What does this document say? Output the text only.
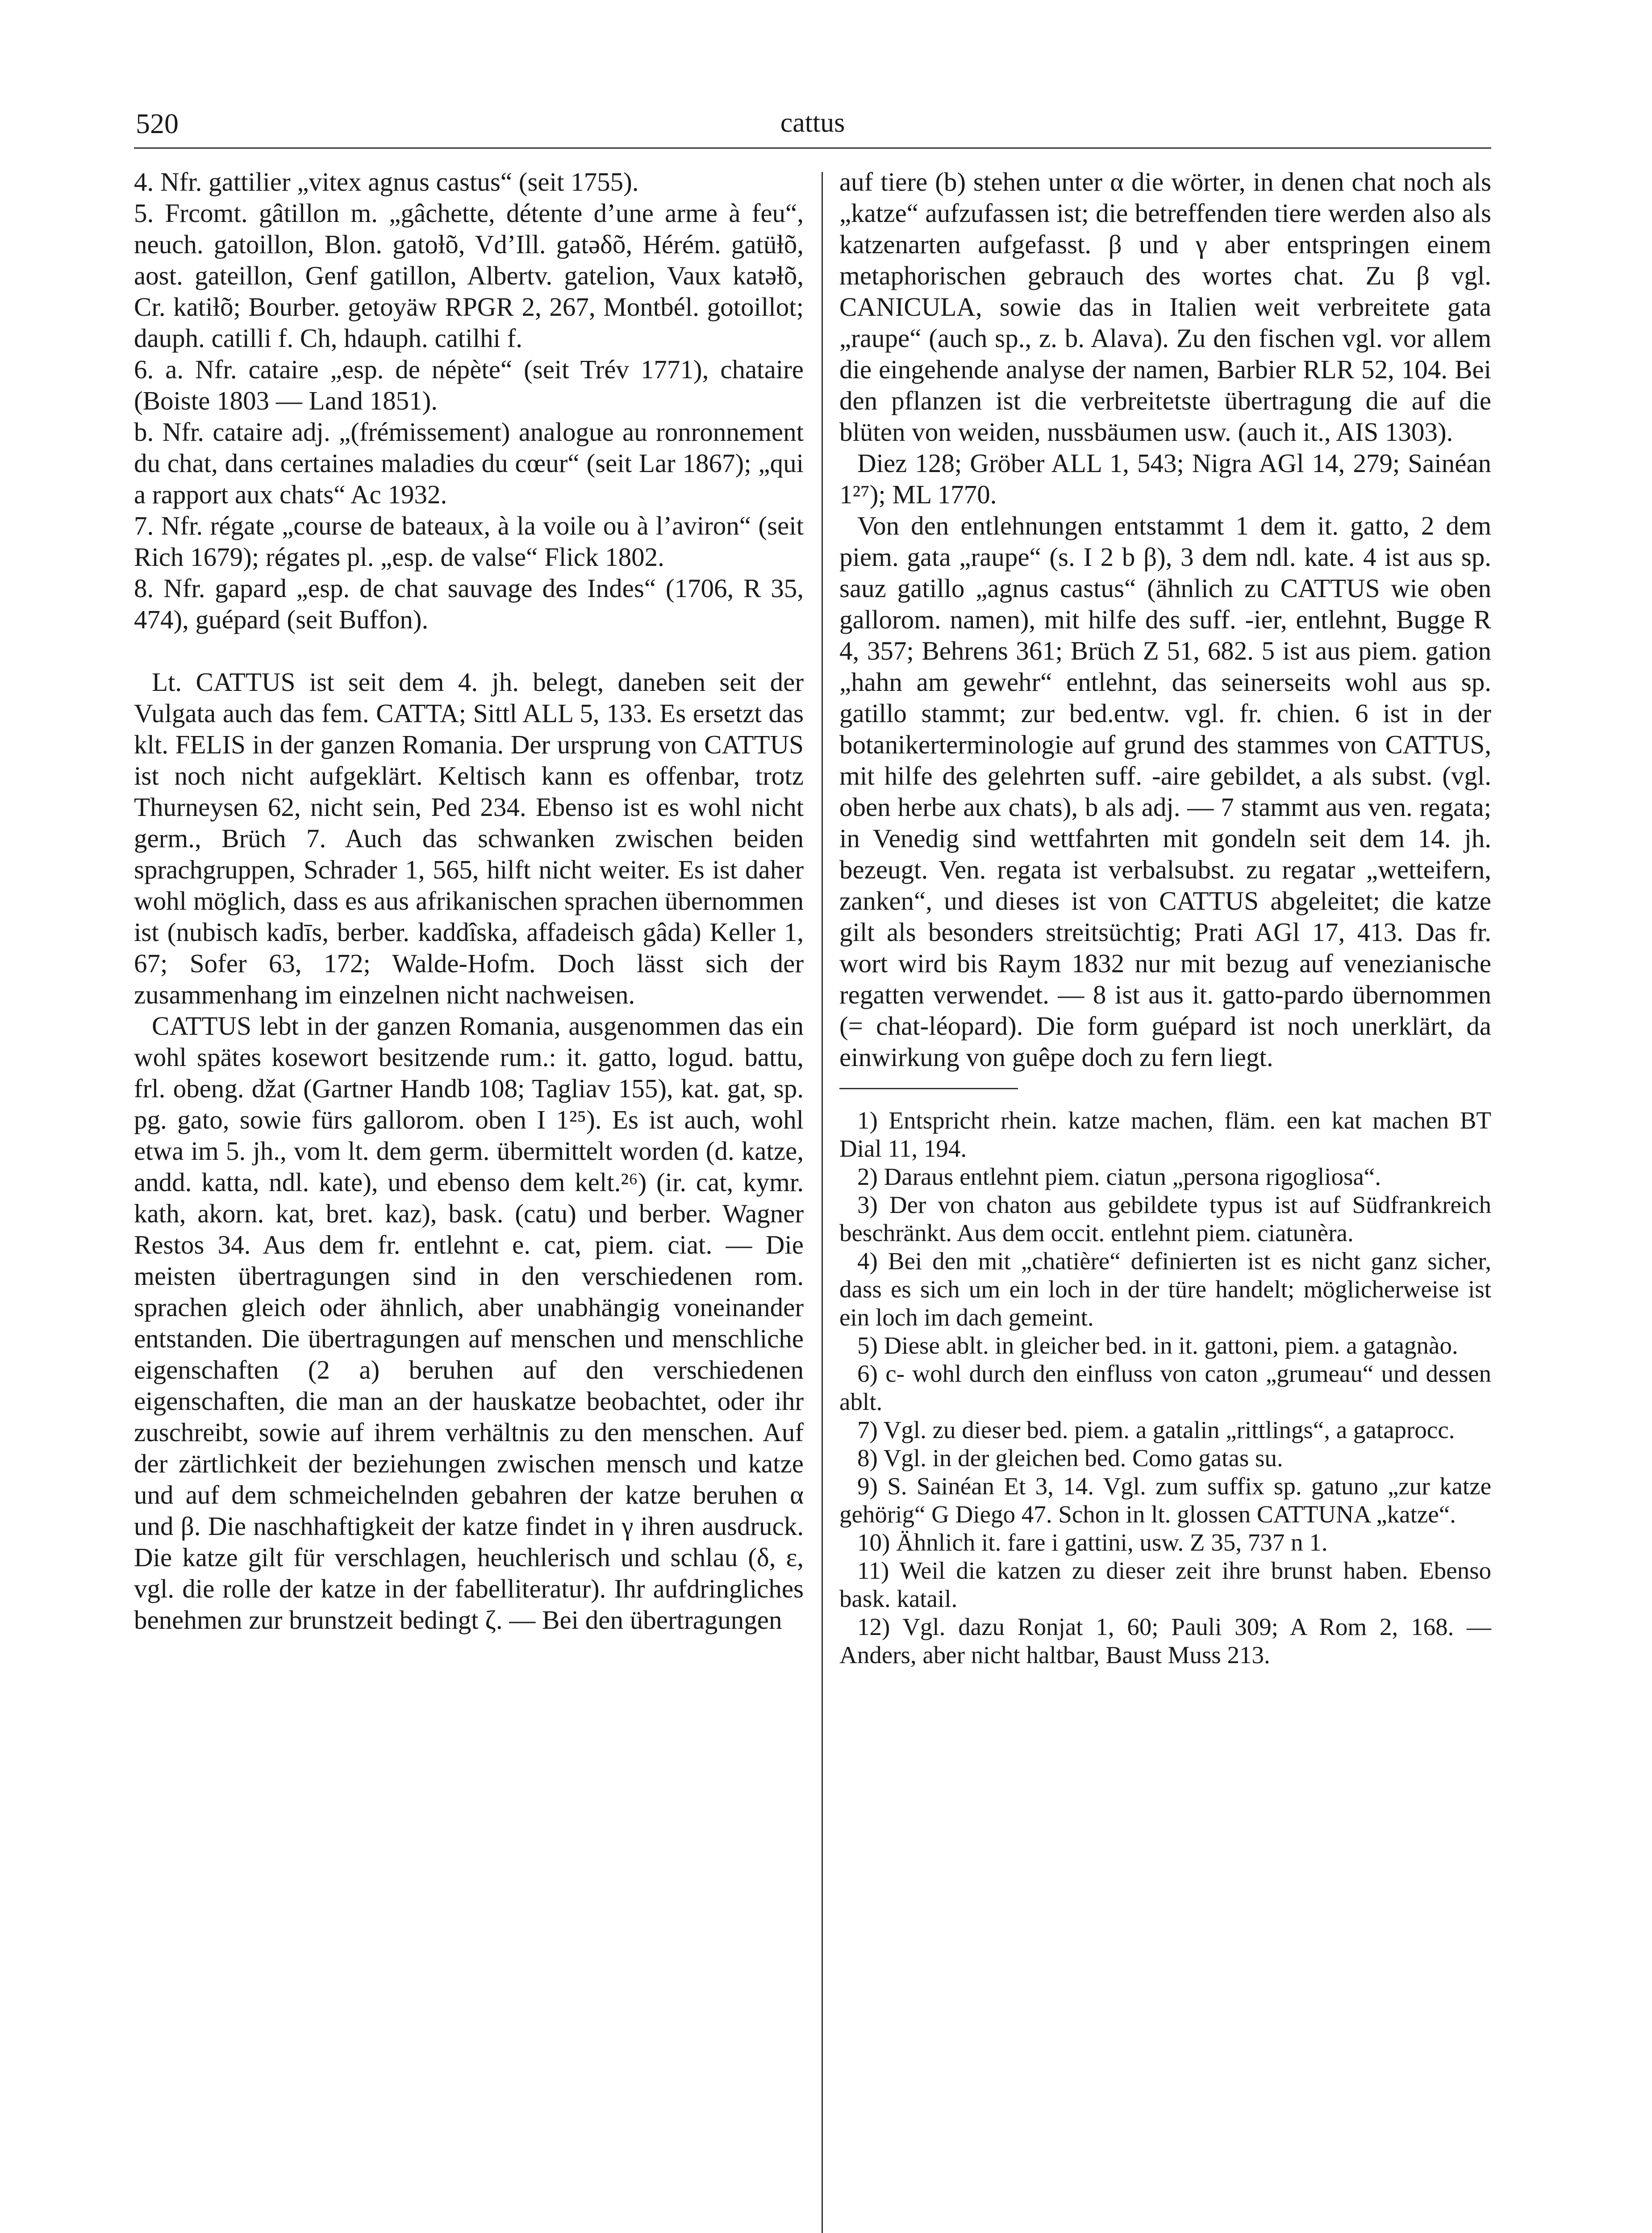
520	cattus

4. Nfr. gattilier „vitex agnus castus“ (seit 1755).

5. Frcomt. gâtillon m. „gâchette, détente d’une arme à feu“, neuch. gatoillon, Blon. gatoƚõ, Vd’Ill. gatəδõ, Hérém. gatüƚõ, aost. gateillon, Genf gatillon, Albertv. gatelion, Vaux katəƚõ, Cr. katiƚõ; Bourber. getoyäw RPGR 2, 267, Montbél. gotoillot; dauph. catilli f. Ch, hdauph. catilhi f.

6. a. Nfr. cataire „esp. de népète“ (seit Trév 1771), chataire (Boiste 1803 — Land 1851).

b. Nfr. cataire adj. „(frémissement) analogue au ronronnement du chat, dans certaines maladies du cœur“ (seit Lar 1867); „qui a rapport aux chats“ Ac 1932.

7. Nfr. régate „course de bateaux, à la voile ou à l’aviron“ (seit Rich 1679); régates pl. „esp. de valse“ Flick 1802.

8. Nfr. gapard „esp. de chat sauvage des Indes“ (1706, R 35, 474), guépard (seit Buffon).

Lt. CATTUS ist seit dem 4. jh. belegt, daneben seit der Vulgata auch das fem. CATTA; Sittl ALL 5, 133. Es ersetzt das klt. FELIS in der ganzen Romania. Der ursprung von CATTUS ist noch nicht aufgeklärt. Keltisch kann es offenbar, trotz Thurneysen 62, nicht sein, Ped 234. Ebenso ist es wohl nicht germ., Brüch 7. Auch das schwanken zwischen beiden sprachgruppen, Schrader 1, 565, hilft nicht weiter. Es ist daher wohl möglich, dass es aus afrikanischen sprachen übernommen ist (nubisch kadīs, berber. kaddîska, affadeisch gâda) Keller 1, 67; Sofer 63, 172; Walde-Hofm. Doch lässt sich der zusammenhang im einzelnen nicht nachweisen.

CATTUS lebt in der ganzen Romania, ausgenommen das ein wohl spätes kosewort besitzende rum.: it. gatto, logud. battu, frl. obeng. džat (Gartner Handb 108; Tagliav 155), kat. gat, sp. pg. gato, sowie fürs gallorom. oben I 1²⁵). Es ist auch, wohl etwa im 5. jh., vom lt. dem germ. übermittelt worden (d. katze, andd. katta, ndl. kate), und ebenso dem kelt.²⁶) (ir. cat, kymr. kath, akorn. kat, bret. kaz), bask. (catu) und berber. Wagner Restos 34. Aus dem fr. entlehnt e. cat, piem. ciat. — Die meisten übertragungen sind in den verschiedenen rom. sprachen gleich oder ähnlich, aber unabhängig voneinander entstanden. Die übertragungen auf menschen und menschliche eigenschaften (2 a) beruhen auf den verschiedenen eigenschaften, die man an der hauskatze beobachtet, oder ihr zuschreibt, sowie auf ihrem verhältnis zu den menschen. Auf der zärtlichkeit der beziehungen zwischen mensch und katze und auf dem schmeichelnden gebahren der katze beruhen α und β. Die naschhaftigkeit der katze findet in γ ihren ausdruck. Die katze gilt für verschlagen, heuchlerisch und schlau (δ, ε, vgl. die rolle der katze in der fabelliteratur). Ihr aufdringliches benehmen zur brunstzeit bedingt ζ. — Bei den übertragungen

auf tiere (b) stehen unter α die wörter, in denen chat noch als „katze“ aufzufassen ist; die betreffenden tiere werden also als katzenarten aufgefasst. β und γ aber entspringen einem metaphorischen gebrauch des wortes chat. Zu β vgl. CANICULA, sowie das in Italien weit verbreitete gata „raupe“ (auch sp., z. b. Alava). Zu den fischen vgl. vor allem die eingehende analyse der namen, Barbier RLR 52, 104. Bei den pflanzen ist die verbreitetste übertragung die auf die blüten von weiden, nussbäumen usw. (auch it., AIS 1303).

Diez 128; Gröber ALL 1, 543; Nigra AGl 14, 279; Sainéan 1²⁷); ML 1770.

Von den entlehnungen entstammt 1 dem it. gatto, 2 dem piem. gata „raupe“ (s. I 2 b β), 3 dem ndl. kate. 4 ist aus sp. sauz gatillo „agnus castus“ (ähnlich zu CATTUS wie oben gallorom. namen), mit hilfe des suff. -ier, entlehnt, Bugge R 4, 357; Behrens 361; Brüch Z 51, 682. 5 ist aus piem. gation „hahn am gewehr“ entlehnt, das seinerseits wohl aus sp. gatillo stammt; zur bed.entw. vgl. fr. chien. 6 ist in der botanikerterminologie auf grund des stammes von CATTUS, mit hilfe des gelehrten suff. -aire gebildet, a als subst. (vgl. oben herbe aux chats), b als adj. — 7 stammt aus ven. regata; in Venedig sind wettfahrten mit gondeln seit dem 14. jh. bezeugt. Ven. regata ist verbalsubst. zu regatar „wetteifern, zanken“, und dieses ist von CATTUS abgeleitet; die katze gilt als besonders streitsüchtig; Prati AGl 17, 413. Das fr. wort wird bis Raym 1832 nur mit bezug auf venezianische regatten verwendet. — 8 ist aus it. gatto-pardo übernommen (= chat-léopard). Die form guépard ist noch unerklärt, da einwirkung von guêpe doch zu fern liegt.

1) Entspricht rhein. katze machen, fläm. een kat machen BT Dial 11, 194.

2) Daraus entlehnt piem. ciatun „persona rigogliosa“.

3) Der von chaton aus gebildete typus ist auf Südfrankreich beschränkt. Aus dem occit. entlehnt piem. ciatunèra.

4) Bei den mit „chatière“ definierten ist es nicht ganz sicher, dass es sich um ein loch in der türe handelt; möglicherweise ist ein loch im dach gemeint.

5) Diese ablt. in gleicher bed. in it. gattoni, piem. a gatagnào.

6) c- wohl durch den einfluss von caton „grumeau“ und dessen ablt.

7) Vgl. zu dieser bed. piem. a gatalin „rittlings“, a gataprocc.

8) Vgl. in der gleichen bed. Como gatas su.

9) S. Sainéan Et 3, 14. Vgl. zum suffix sp. gatuno „zur katze gehörig“ G Diego 47. Schon in lt. glossen CATTUNA „katze“.

10) Ähnlich it. fare i gattini, usw. Z 35, 737 n 1.

11) Weil die katzen zu dieser zeit ihre brunst haben. Ebenso bask. katail.

12) Vgl. dazu Ronjat 1, 60; Pauli 309; A Rom 2, 168. — Anders, aber nicht haltbar, Baust Muss 213.
